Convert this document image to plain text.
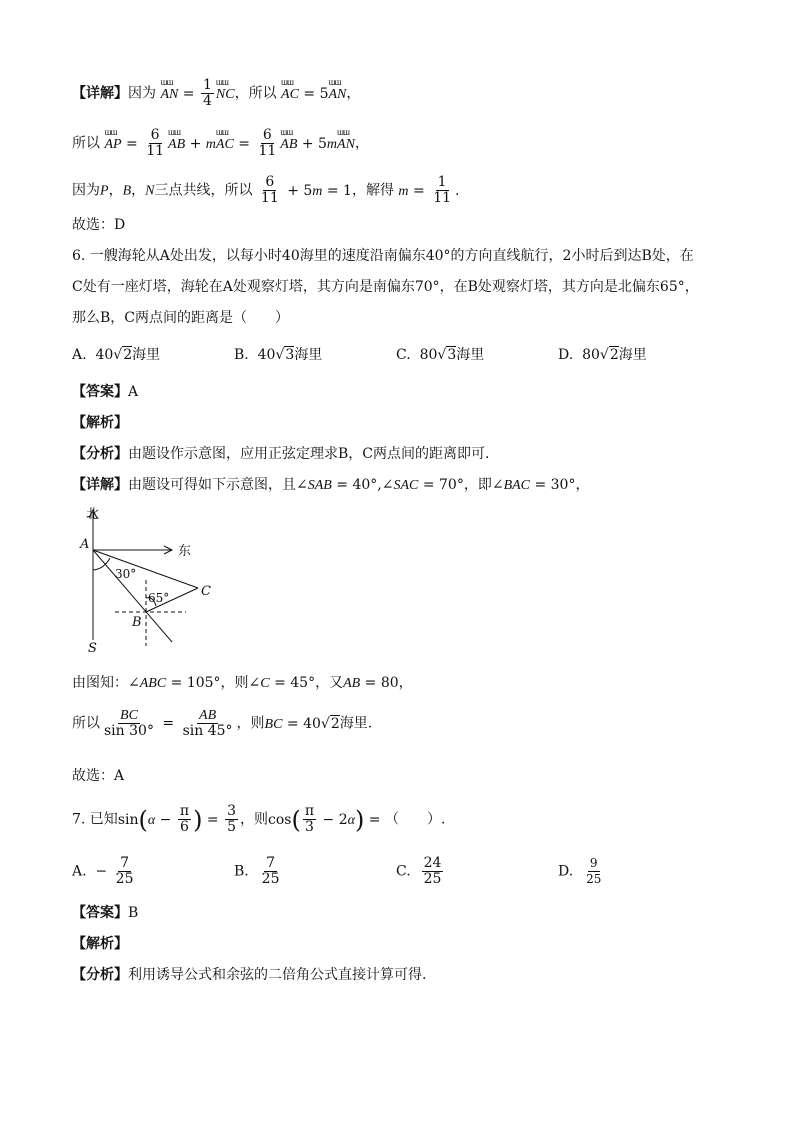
【详解】因为 ɯɯ AN = $\frac{1}{4}$ ɯɯ NC，所以 ɯɯ AC = 5ɯɯ AN，
所以 ɯɯ AP = $\frac{6}{11}$ ɯɯ AB + mɯɯ AC = $\frac{6}{11}$ ɯɯ AB + 5mɯɯ AN，
因为P，B，N三点共线，所以 $\frac{6}{11} + 5m = 1$，解得 $m = \frac{1}{11}$ .
故选：D
6. 一艘海轮从A处出发，以每小时40海里的速度沿南偏东40°的方向直线航行，2小时后到达B处，在
C处有一座灯塔，海轮在A处观察灯塔，其方向是南偏东70°，在B处观察灯塔，其方向是北偏东65°，
那么B，C两点间的距离是（　　）
A.  40√2海里	B.  40√3海里	C.  80√3海里	D.  80√2海里
【答案】A
【解析】
【分析】由题设作示意图，应用正弦定理求B，C两点间的距离即可.
【详解】由题设可得如下示意图，且∠SAB = 40°,∠SAC = 70°，即∠BAC = 30°，
北
东
A
C
B
S
30°
65°
由图知：∠ABC = 105°，则∠C = 45°，又AB = 80，
所以 $\frac{BC}{\sin 30^\circ} = \frac{AB}{\sin 45^\circ}$ ，则BC = 40√2海里.
故选：A
7. 已知$\sin(\alpha - \frac{\pi}{6}$ ) = $\frac{3}{5}$ ，则$\cos( \frac{\pi}{3} - 2\alpha)$ = （　　）.
A.  − $\frac{7}{25}$	B. $\frac{7}{25}$	C. $\frac{24}{25}$	D. $\frac{9}{25}$
【答案】B
【解析】
【分析】利用诱导公式和余弦的二倍角公式直接计算可得.
